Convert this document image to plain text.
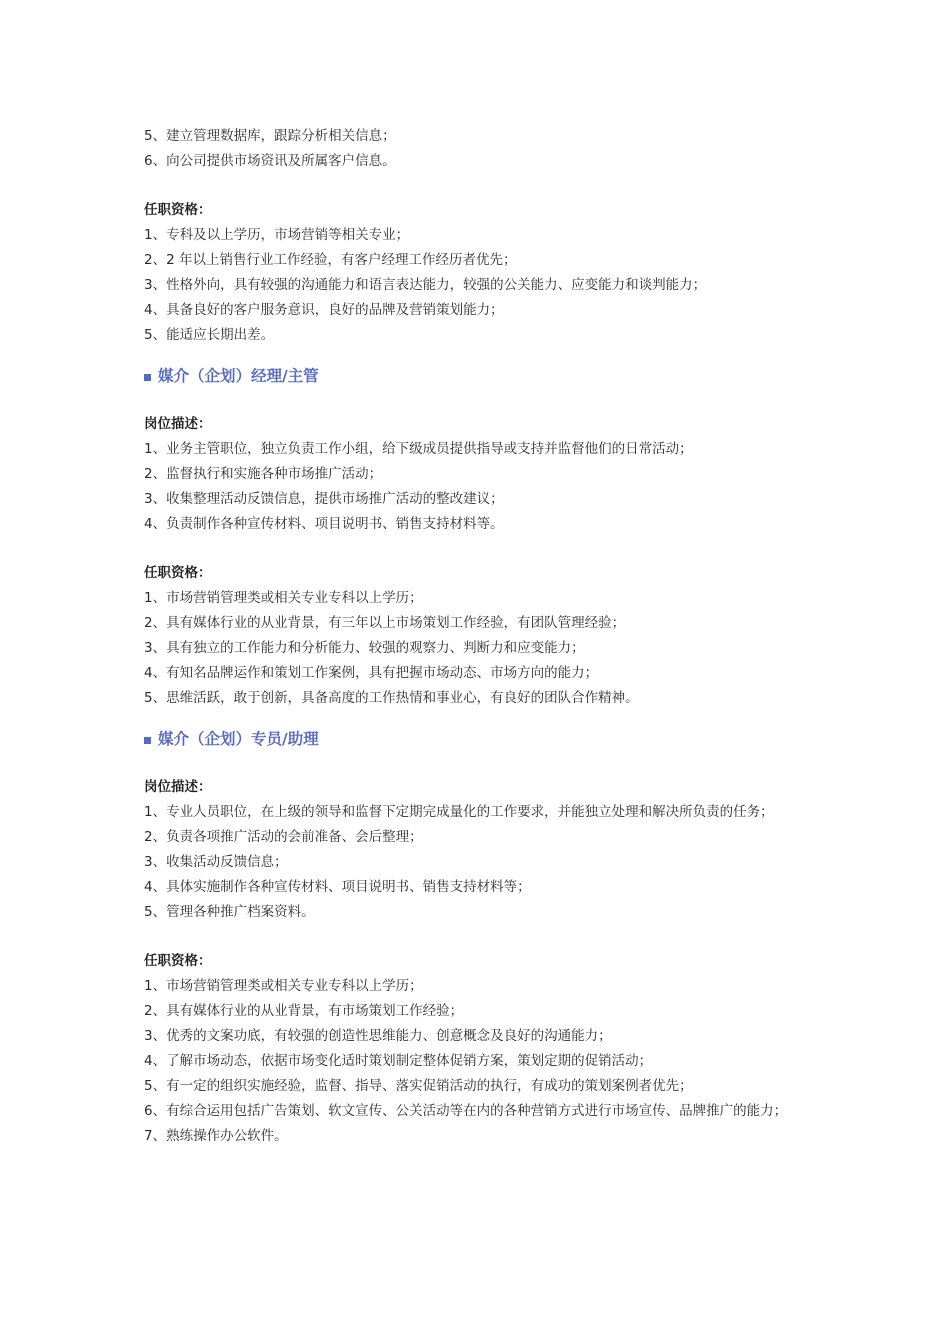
5、建立管理数据库，跟踪分析相关信息；
6、向公司提供市场资讯及所属客户信息。
任职资格：
1、专科及以上学历，市场营销等相关专业；
2、2 年以上销售行业工作经验，有客户经理工作经历者优先；
3、性格外向，具有较强的沟通能力和语言表达能力，较强的公关能力、应变能力和谈判能力；
4、具备良好的客户服务意识，良好的品牌及营销策划能力；
5、能适应长期出差。
媒介（企划）经理/主管
岗位描述：
1、业务主管职位，独立负责工作小组，给下级成员提供指导或支持并监督他们的日常活动；
2、监督执行和实施各种市场推广活动；
3、收集整理活动反馈信息，提供市场推广活动的整改建议；
4、负责制作各种宣传材料、项目说明书、销售支持材料等。
任职资格：
1、市场营销管理类或相关专业专科以上学历；
2、具有媒体行业的从业背景，有三年以上市场策划工作经验，有团队管理经验；
3、具有独立的工作能力和分析能力、较强的观察力、判断力和应变能力；
4、有知名品牌运作和策划工作案例，具有把握市场动态、市场方向的能力；
5、思维活跃，敢于创新，具备高度的工作热情和事业心，有良好的团队合作精神。
媒介（企划）专员/助理
岗位描述：
1、专业人员职位，在上级的领导和监督下定期完成量化的工作要求，并能独立处理和解决所负责的任务；
2、负责各项推广活动的会前准备、会后整理；
3、收集活动反馈信息；
4、具体实施制作各种宣传材料、项目说明书、销售支持材料等；
5、管理各种推广档案资料。
任职资格：
1、市场营销管理类或相关专业专科以上学历；
2、具有媒体行业的从业背景，有市场策划工作经验；
3、优秀的文案功底，有较强的创造性思维能力、创意概念及良好的沟通能力；
4、了解市场动态，依据市场变化适时策划制定整体促销方案，策划定期的促销活动；
5、有一定的组织实施经验，监督、指导、落实促销活动的执行，有成功的策划案例者优先；
6、有综合运用包括广告策划、软文宣传、公关活动等在内的各种营销方式进行市场宣传、品牌推广的能力；
7、熟练操作办公软件。
